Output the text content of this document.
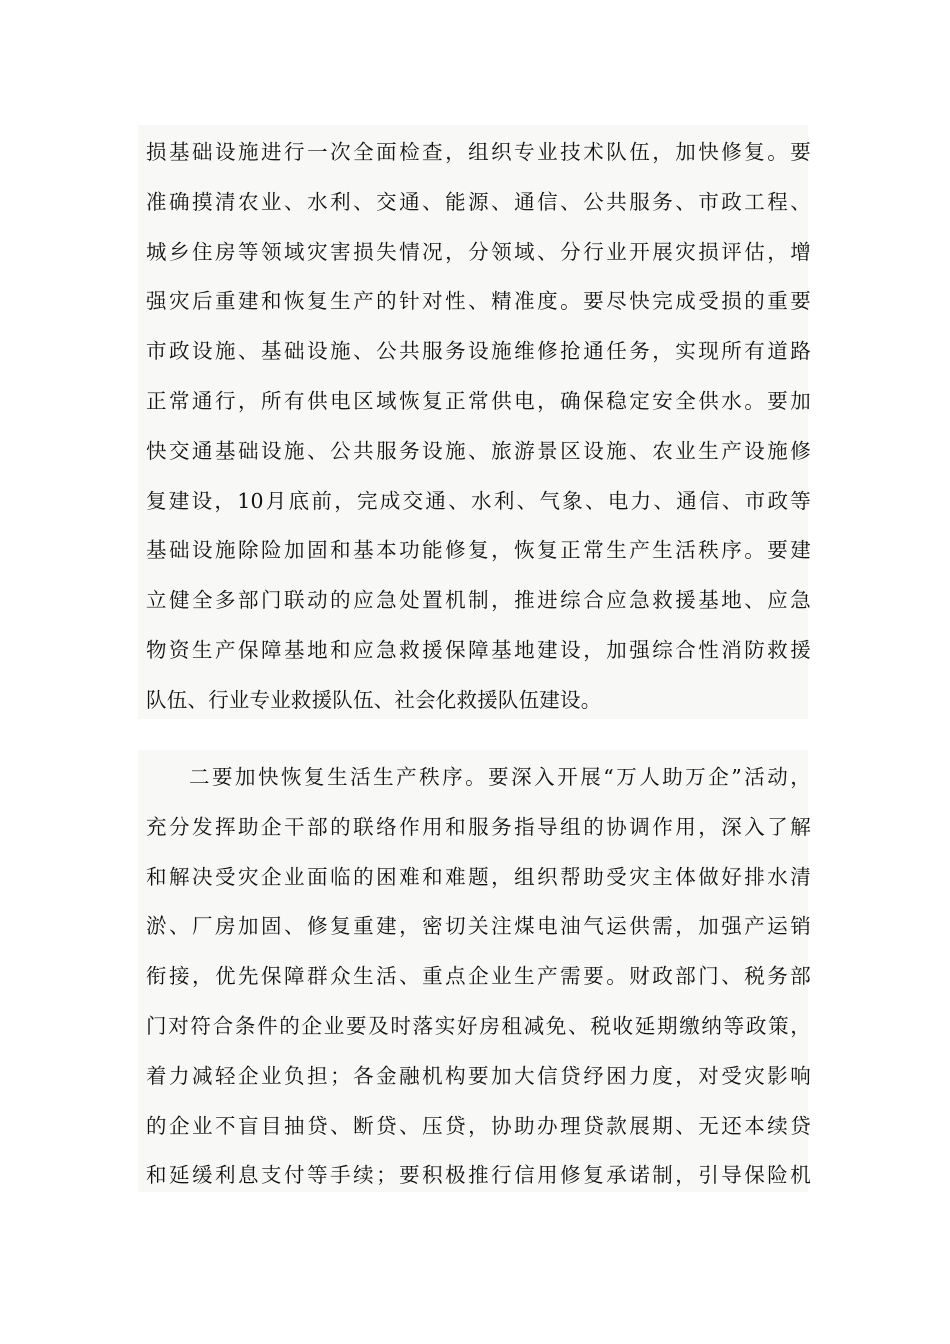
损基础设施进行一次全面检查，组织专业技术队伍，加快修复。要
准确摸清农业、水利、交通、能源、通信、公共服务、市政工程、
城乡住房等领域灾害损失情况，分领域、分行业开展灾损评估，增
强灾后重建和恢复生产的针对性、精准度。要尽快完成受损的重要
市政设施、基础设施、公共服务设施维修抢通任务，实现所有道路
正常通行，所有供电区域恢复正常供电，确保稳定安全供水。要加
快交通基础设施、公共服务设施、旅游景区设施、农业生产设施修
复建设，10月底前，完成交通、水利、气象、电力、通信、市政等
基础设施除险加固和基本功能修复，恢复正常生产生活秩序。要建
立健全多部门联动的应急处置机制，推进综合应急救援基地、应急
物资生产保障基地和应急救援保障基地建设，加强综合性消防救援
队伍、行业专业救援队伍、社会化救援队伍建设。
二要加快恢复生活生产秩序。要深入开展“万人助万企”活动，
充分发挥助企干部的联络作用和服务指导组的协调作用，深入了解
和解决受灾企业面临的困难和难题，组织帮助受灾主体做好排水清
淤、厂房加固、修复重建，密切关注煤电油气运供需，加强产运销
衔接，优先保障群众生活、重点企业生产需要。财政部门、税务部
门对符合条件的企业要及时落实好房租减免、税收延期缴纳等政策，
着力减轻企业负担；各金融机构要加大信贷纾困力度，对受灾影响
的企业不盲目抽贷、断贷、压贷，协助办理贷款展期、无还本续贷
和延缓利息支付等手续；要积极推行信用修复承诺制，引导保险机
